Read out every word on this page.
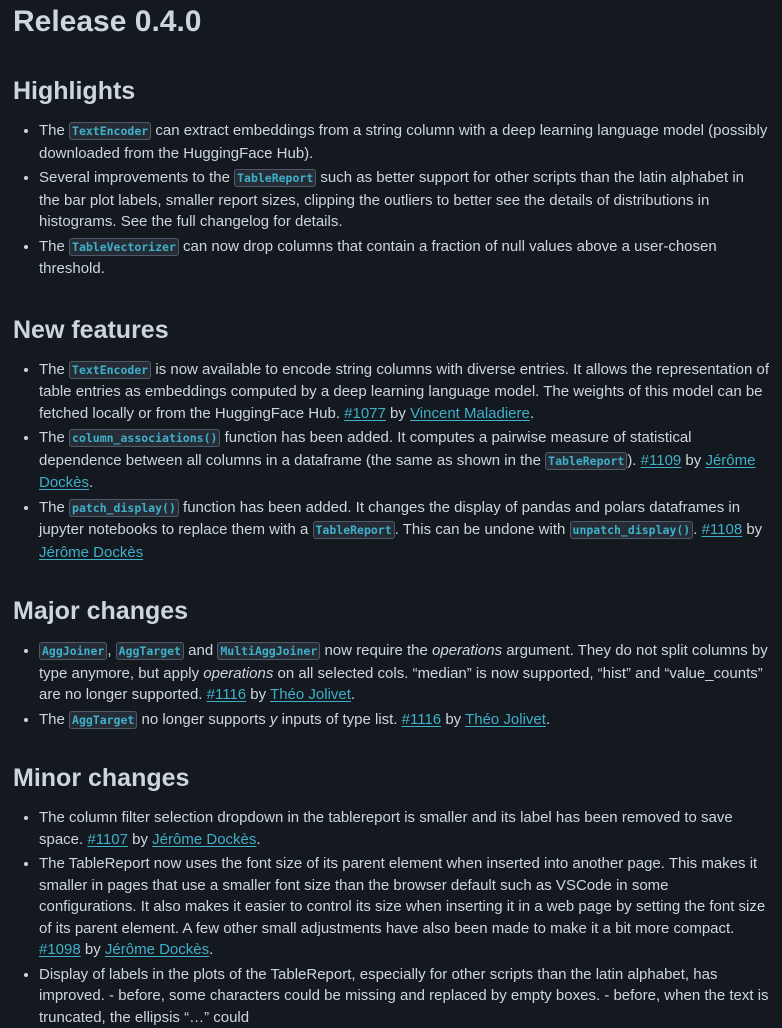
Release 0.4.0
Highlights
• The TextEncoder can extract embeddings from a string column with a deep learning language model (possibly downloaded from the HuggingFace Hub).
• Several improvements to the TableReport such as better support for other scripts than the latin alphabet in the bar plot labels, smaller report sizes, clipping the outliers to better see the details of distributions in histograms. See the full changelog for details.
• The TableVectorizer can now drop columns that contain a fraction of null values above a user-chosen threshold.
New features
• The TextEncoder is now available to encode string columns with diverse entries. It allows the representation of table entries as embeddings computed by a deep learning language model. The weights of this model can be fetched locally or from the HuggingFace Hub. #1077 by Vincent Maladiere.
• The column_associations() function has been added. It computes a pairwise measure of statistical dependence between all columns in a dataframe (the same as shown in the TableReport ). #1109 by Jérôme Dockès.
• The patch_display() function has been added. It changes the display of pandas and polars dataframes in jupyter notebooks to replace them with a TableReport . This can be undone with unpatch_display() . #1108 by Jérôme Dockès
Major changes
• AggJoiner , AggTarget and MultiAggJoiner now require the operations argument. They do not split columns by type anymore, but apply operations on all selected cols. “median” is now supported, “hist” and “value_counts” are no longer supported. #1116 by Théo Jolivet.
• The AggTarget no longer supports y inputs of type list. #1116 by Théo Jolivet.
Minor changes
• The column filter selection dropdown in the tablereport is smaller and its label has been removed to save space. #1107 by Jérôme Dockès.
• The TableReport now uses the font size of its parent element when inserted into another page. This makes it smaller in pages that use a smaller font size than the browser default such as VSCode in some configurations. It also makes it easier to control its size when inserting it in a web page by setting the font size of its parent element. A few other small adjustments have also been made to make it a bit more compact. #1098 by Jérôme Dockès.
• Display of labels in the plots of the TableReport, especially for other scripts than the latin alphabet, has improved. - before, some characters could be missing and replaced by empty boxes. - before, when the text is truncated, the ellipsis “…” could
